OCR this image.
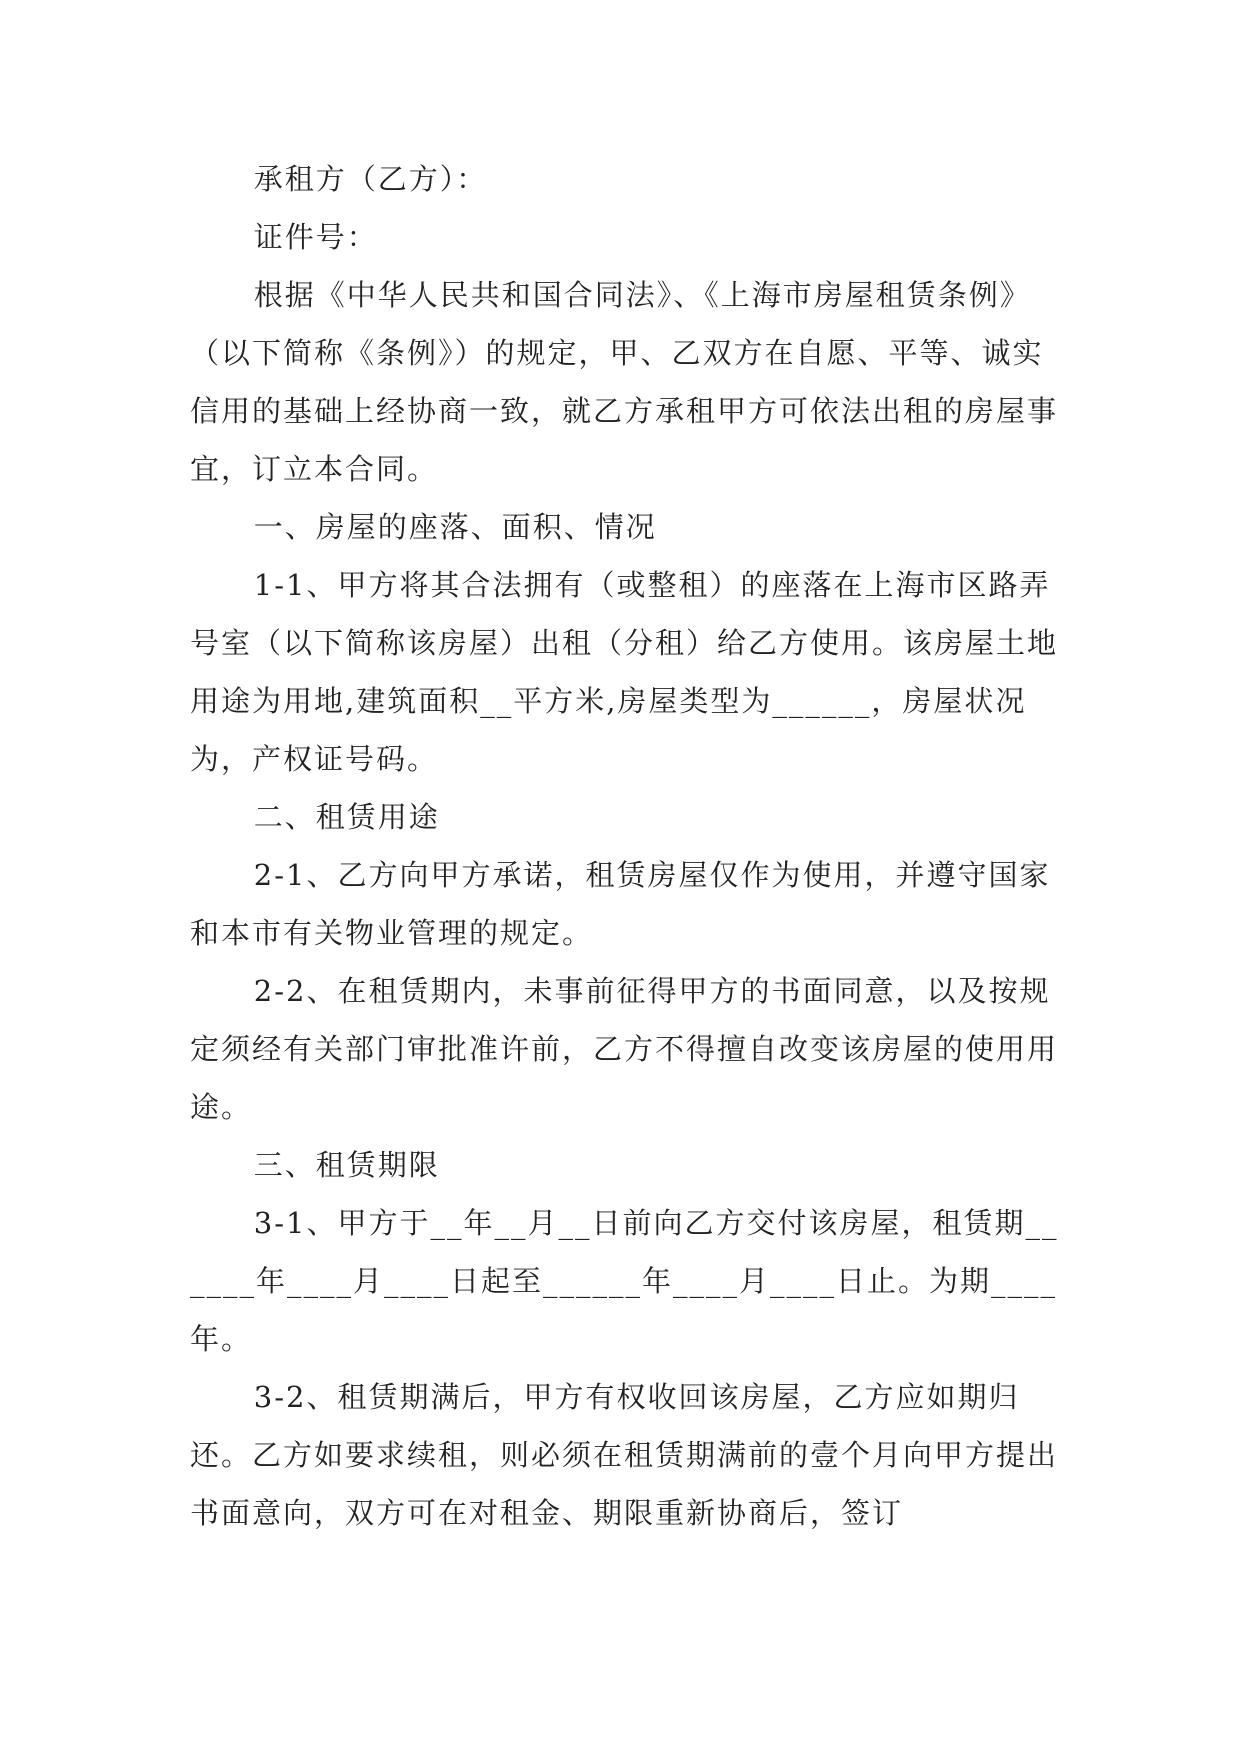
承租方（乙方）：

证件号：

根据《中华人民共和国合同法》、《上海市房屋租赁条例》（以下简称《条例》）的规定，甲、乙双方在自愿、平等、诚实信用的基础上经协商一致，就乙方承租甲方可依法出租的房屋事宜，订立本合同。

一、房屋的座落、面积、情况

1-1、甲方将其合法拥有（或整租）的座落在上海市区路弄号室（以下简称该房屋）出租（分租）给乙方使用。该房屋土地用途为用地,建筑面积__平方米,房屋类型为______，房屋状况为，产权证号码。

二、租赁用途

2-1、乙方向甲方承诺，租赁房屋仅作为使用，并遵守国家和本市有关物业管理的规定。

2-2、在租赁期内，未事前征得甲方的书面同意，以及按规定须经有关部门审批准许前，乙方不得擅自改变该房屋的使用用途。

三、租赁期限

3-1、甲方于__年__月__日前向乙方交付该房屋，租赁期______年____月____日起至______年____月____日止。为期____年。

3-2、租赁期满后，甲方有权收回该房屋，乙方应如期归还。乙方如要求续租，则必须在租赁期满前的壹个月向甲方提出书面意向，双方可在对租金、期限重新协商后，签订
